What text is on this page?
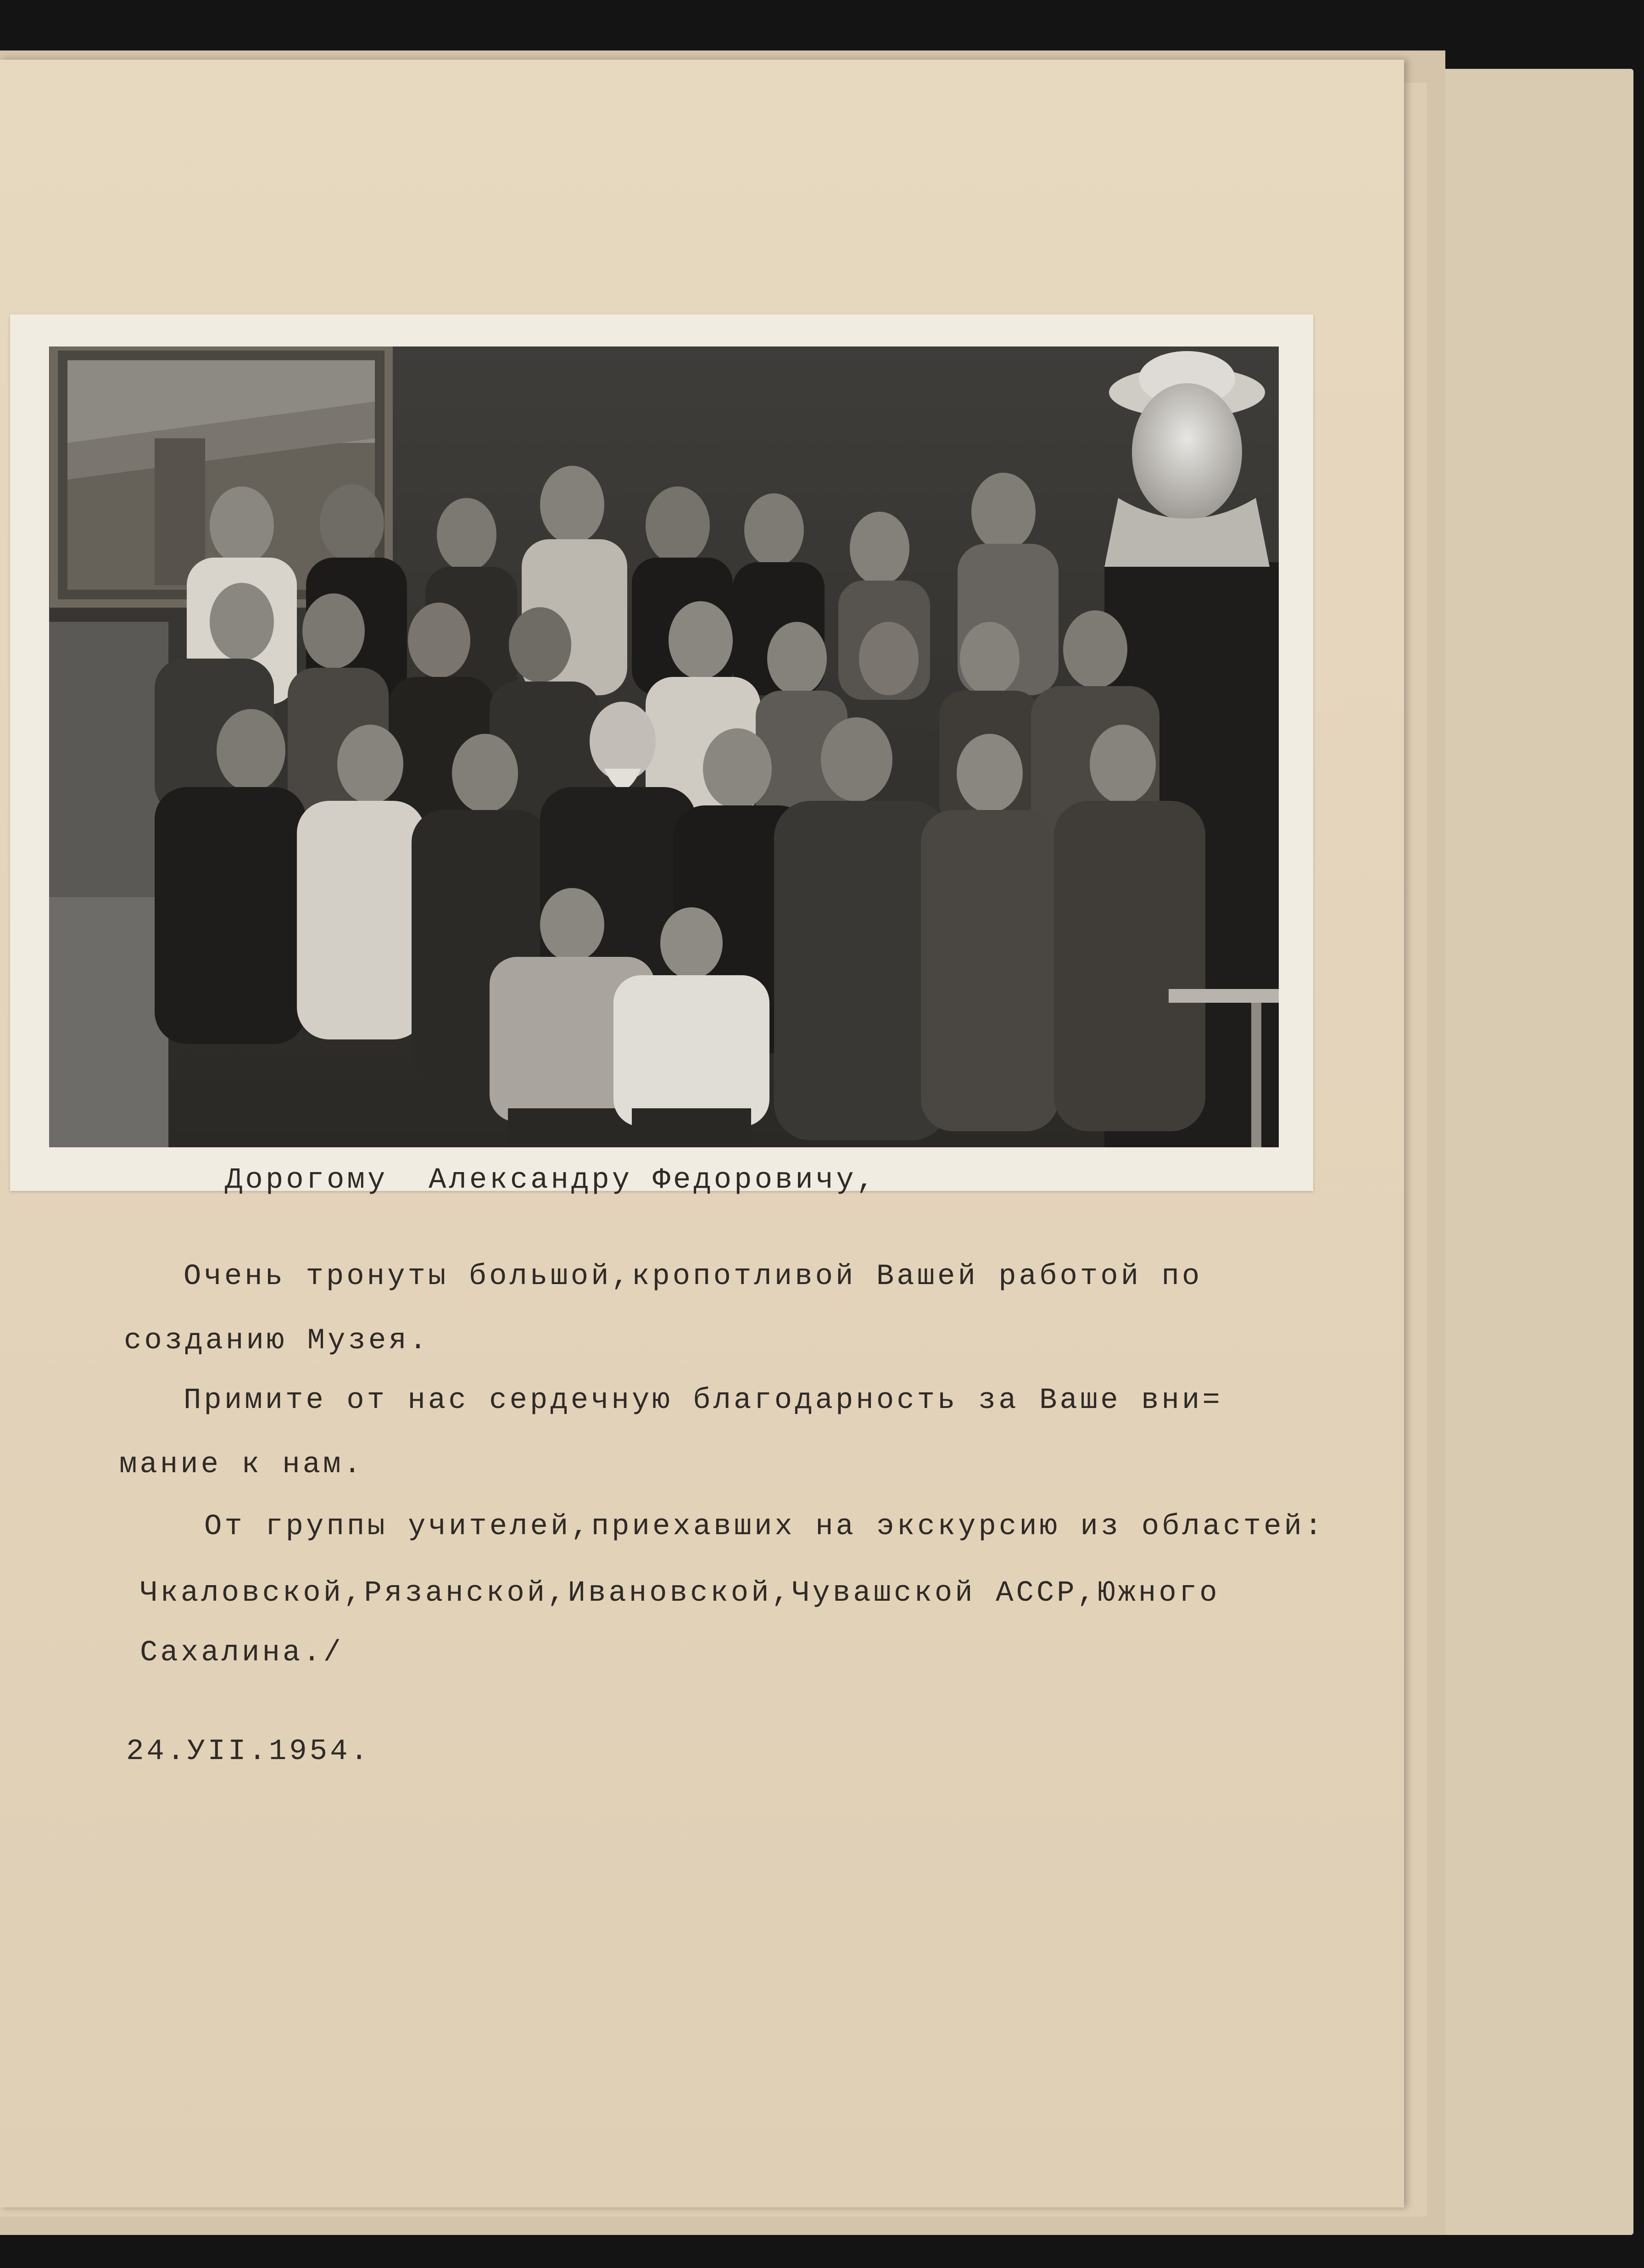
Дорогому  Александру Федоровичу,

Очень тронуты большой,кропотливой Вашей работой по

созданию Музея.

Примите от нас сердечную благодарность за Ваше вни=

мание к нам.

От группы учителей,приехавших на экскурсию из областей:

Чкаловской,Рязанской,Ивановской,Чувашской АССР,Южного

Сахалина./

24.УII.1954.
